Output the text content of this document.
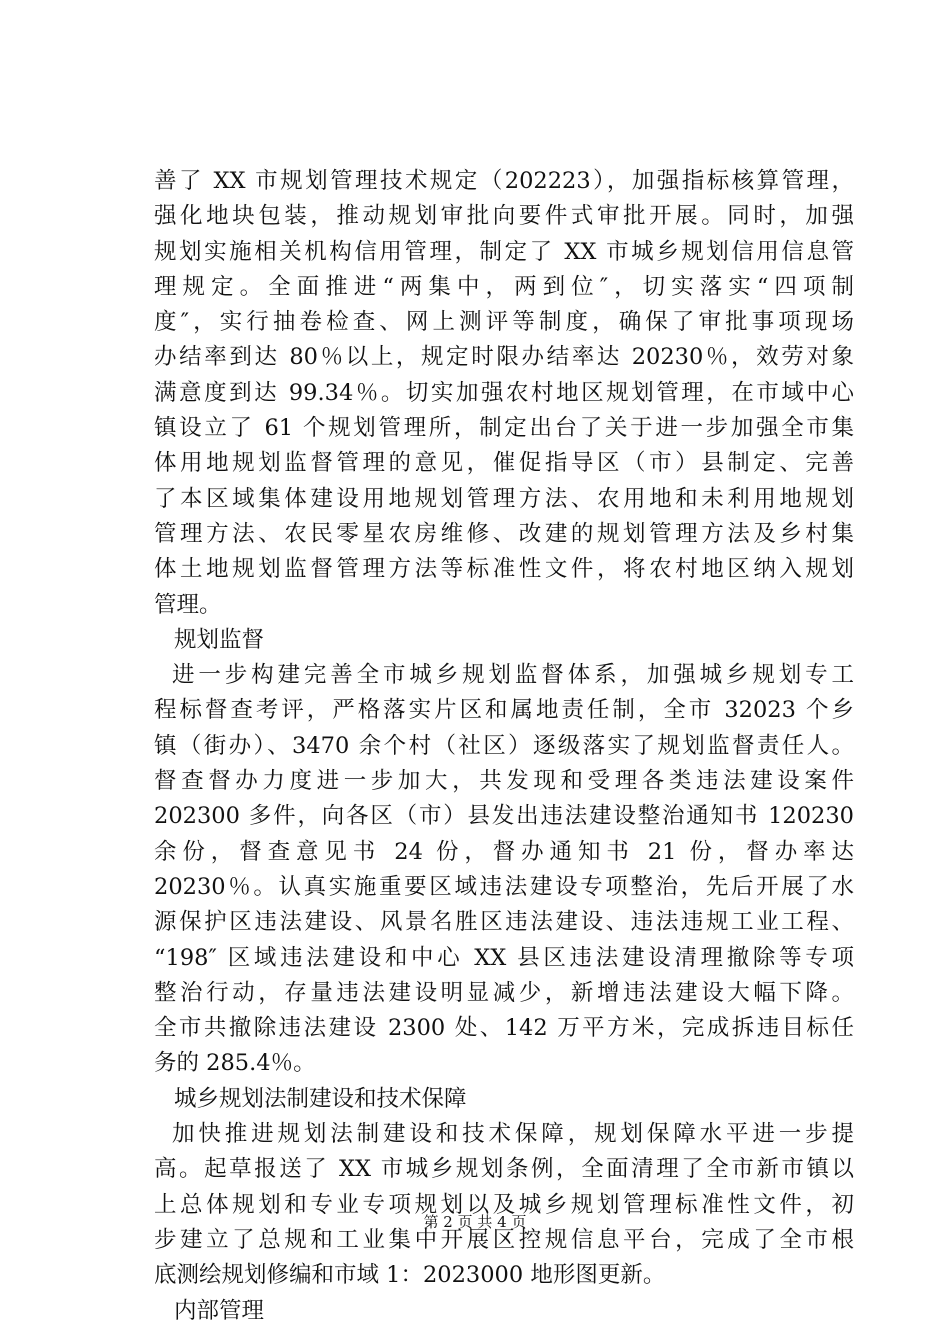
善了 XX 市规划管理技术规定（202223），加强指标核算管理，
强化地块包装，推动规划审批向要件式审批开展。同时，加强
规划实施相关机构信用管理，制定了 XX 市城乡规划信用信息管
理规定。全面推进“两集中，两到位″，切实落实“四项制
度″，实行抽卷检查、网上测评等制度，确保了审批事项现场
办结率到达 80％以上，规定时限办结率达 20230％，效劳对象
满意度到达 99.34％。切实加强农村地区规划管理，在市域中心
镇设立了 61 个规划管理所，制定出台了关于进一步加强全市集
体用地规划监督管理的意见，催促指导区（市）县制定、完善
了本区域集体建设用地规划管理方法、农用地和未利用地规划
管理方法、农民零星农房维修、改建的规划管理方法及乡村集
体土地规划监督管理方法等标准性文件，将农村地区纳入规划
管理。
规划监督
进一步构建完善全市城乡规划监督体系，加强城乡规划专工
程标督查考评，严格落实片区和属地责任制，全市 32023 个乡
镇（街办）、3470 余个村（社区）逐级落实了规划监督责任人。
督查督办力度进一步加大，共发现和受理各类违法建设案件
202300 多件，向各区（市）县发出违法建设整治通知书 120230
余份，督查意见书 24 份，督办通知书 21 份，督办率达
20230％。认真实施重要区域违法建设专项整治，先后开展了水
源保护区违法建设、风景名胜区违法建设、违法违规工业工程、
“198″ 区域违法建设和中心 XX 县区违法建设清理撤除等专项
整治行动，存量违法建设明显减少，新增违法建设大幅下降。
全市共撤除违法建设 2300 处、142 万平方米，完成拆违目标任
务的 285.4％。
城乡规划法制建设和技术保障
加快推进规划法制建设和技术保障，规划保障水平进一步提
高。起草报送了 XX 市城乡规划条例，全面清理了全市新市镇以
上总体规划和专业专项规划以及城乡规划管理标准性文件，初
步建立了总规和工业集中开展区控规信息平台，完成了全市根
底测绘规划修编和市域 1：2023000 地形图更新。
内部管理
第 2 页 共 4 页
